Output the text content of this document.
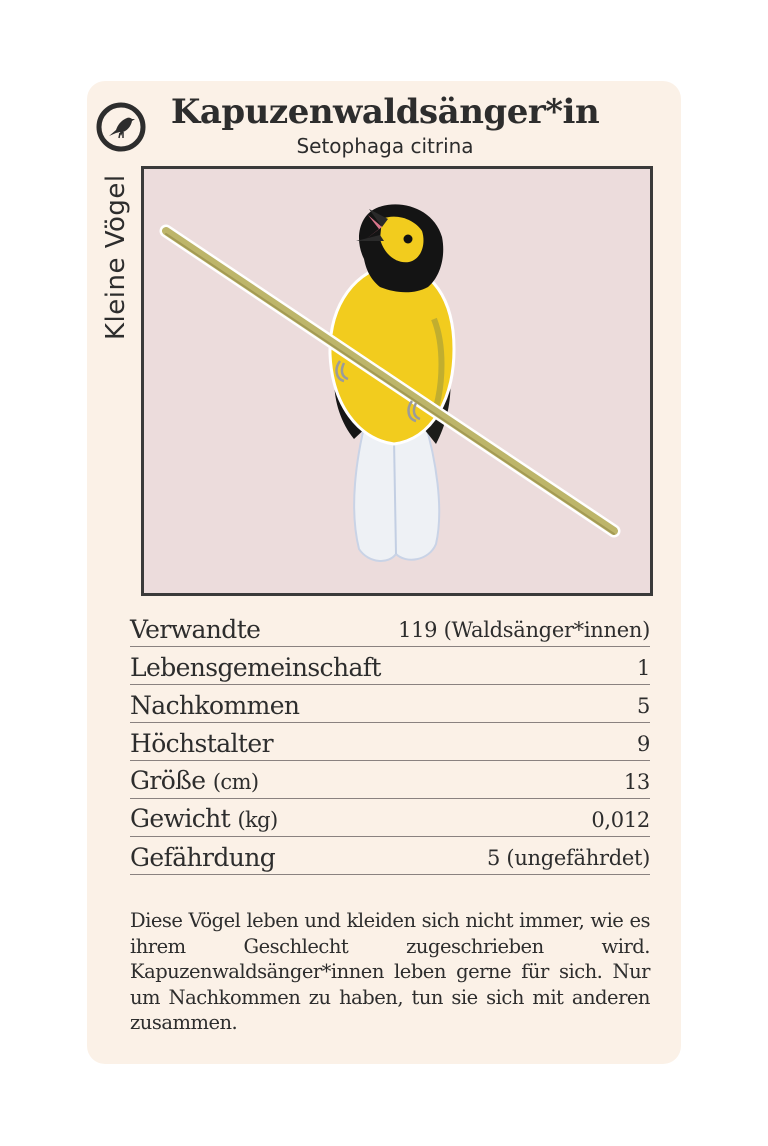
Kleine Vögel
Kapuzenwaldsänger*in
Setophaga citrina
Verwandte	119 (Waldsänger*innen)
Lebensgemeinschaft	1
Nachkommen	5
Höchstalter	9
Größe (cm)	13
Gewicht (kg)	0,012
Gefährdung	5 (ungefährdet)
Diese Vögel leben und kleiden sich nicht immer, wie es ihrem Geschlecht zugeschrieben wird. Kapuzenwaldsänger*innen leben gerne für sich. Nur um Nachkommen zu haben, tun sie sich mit anderen zusammen.
